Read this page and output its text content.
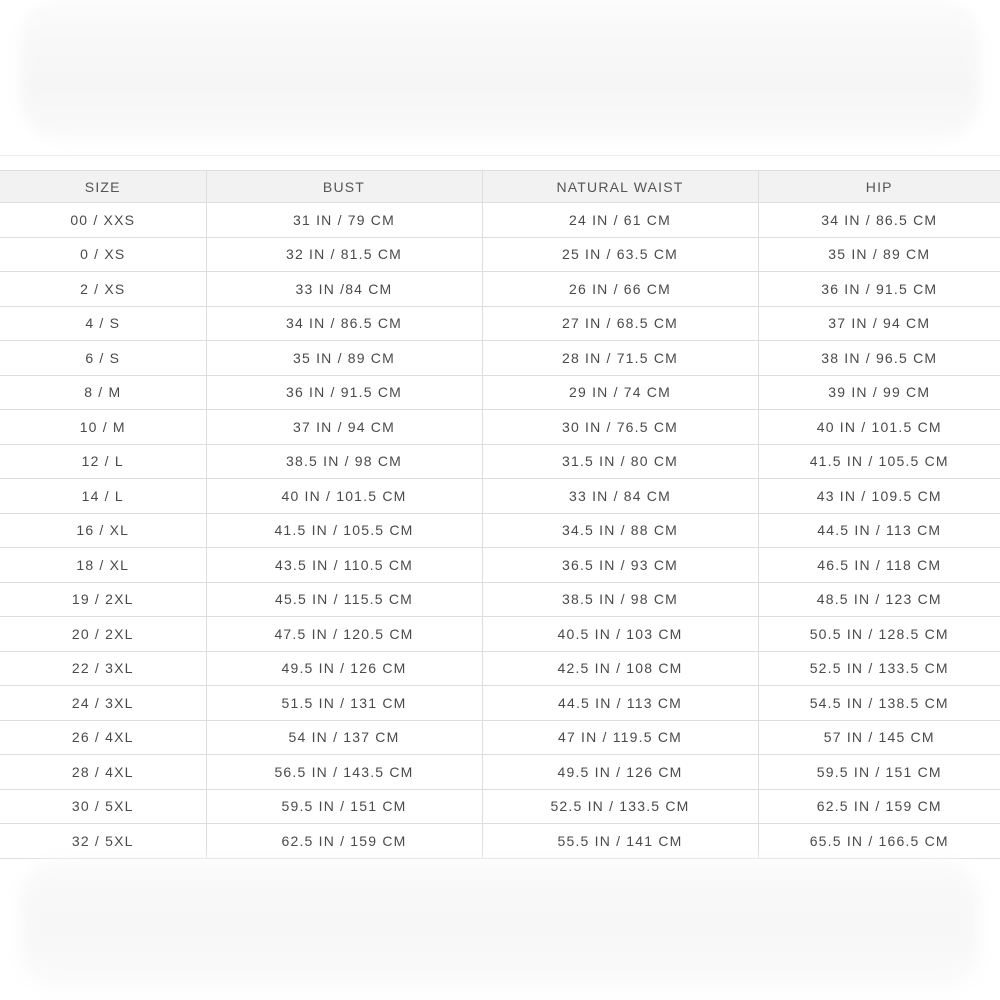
SIZE	BUST	NATURAL WAIST	HIP
00 / XXS	31 IN / 79 CM	24 IN / 61 CM	34 IN / 86.5 CM
0 / XS	32 IN / 81.5 CM	25 IN / 63.5 CM	35 IN / 89 CM
2 / XS	33 IN /84 CM	26 IN / 66 CM	36 IN / 91.5 CM
4 / S	34 IN / 86.5 CM	27 IN / 68.5 CM	37 IN / 94 CM
6 / S	35 IN / 89 CM	28 IN / 71.5 CM	38 IN / 96.5 CM
8 / M	36 IN / 91.5 CM	29 IN / 74 CM	39 IN / 99 CM
10 / M	37 IN / 94 CM	30 IN / 76.5 CM	40 IN / 101.5 CM
12 / L	38.5 IN / 98 CM	31.5 IN / 80 CM	41.5 IN / 105.5 CM
14 / L	40 IN / 101.5 CM	33 IN / 84 CM	43 IN / 109.5 CM
16 / XL	41.5 IN / 105.5 CM	34.5 IN / 88 CM	44.5 IN / 113 CM
18 / XL	43.5 IN / 110.5 CM	36.5 IN / 93 CM	46.5 IN / 118 CM
19 / 2XL	45.5 IN / 115.5 CM	38.5 IN / 98 CM	48.5 IN / 123 CM
20 / 2XL	47.5 IN / 120.5 CM	40.5 IN / 103 CM	50.5 IN / 128.5 CM
22 / 3XL	49.5 IN / 126 CM	42.5 IN / 108 CM	52.5 IN / 133.5 CM
24 / 3XL	51.5 IN / 131 CM	44.5 IN / 113 CM	54.5 IN / 138.5 CM
26 / 4XL	54 IN / 137 CM	47 IN / 119.5 CM	57 IN / 145 CM
28 / 4XL	56.5 IN / 143.5 CM	49.5 IN / 126 CM	59.5 IN / 151 CM
30 / 5XL	59.5 IN / 151 CM	52.5 IN / 133.5 CM	62.5 IN / 159 CM
32 / 5XL	62.5 IN / 159 CM	55.5 IN / 141 CM	65.5 IN / 166.5 CM
